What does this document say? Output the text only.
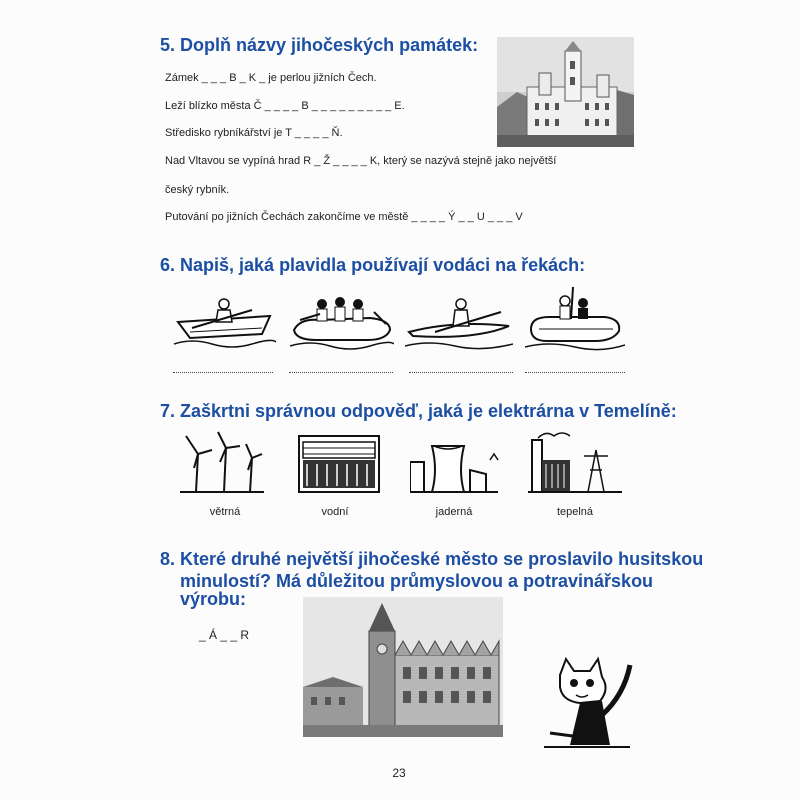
5. Doplň názvy jihočeských památek:
Zámek _ _ _ B _ K _ je perlou jižních Čech.
Leží blízko města Č _ _ _ _ B _ _ _ _ _ _ _ _ _ E.
Středisko rybníkářství je T _ _ _ _ Ň.
Nad Vltavou se vypíná hrad R _ Ž _ _ _ _ K, který se nazývá stejně jako největší
český rybník.
Putování po jižních Čechách zakončíme ve městě _ _ _ _ Ý _ _ U _ _ _ V
6. Napiš, jaká plavidla používají vodáci na řekách:
7. Zaškrtni správnou odpověď, jaká je elektrárna v Temelíně:
větrná	vodní	jaderná	tepelná
8. Které druhé největší jihočeské město se proslavilo husitskou
minulostí? Má důležitou průmyslovou a potravinářskou
výrobu:
_ Á _ _ R
23
